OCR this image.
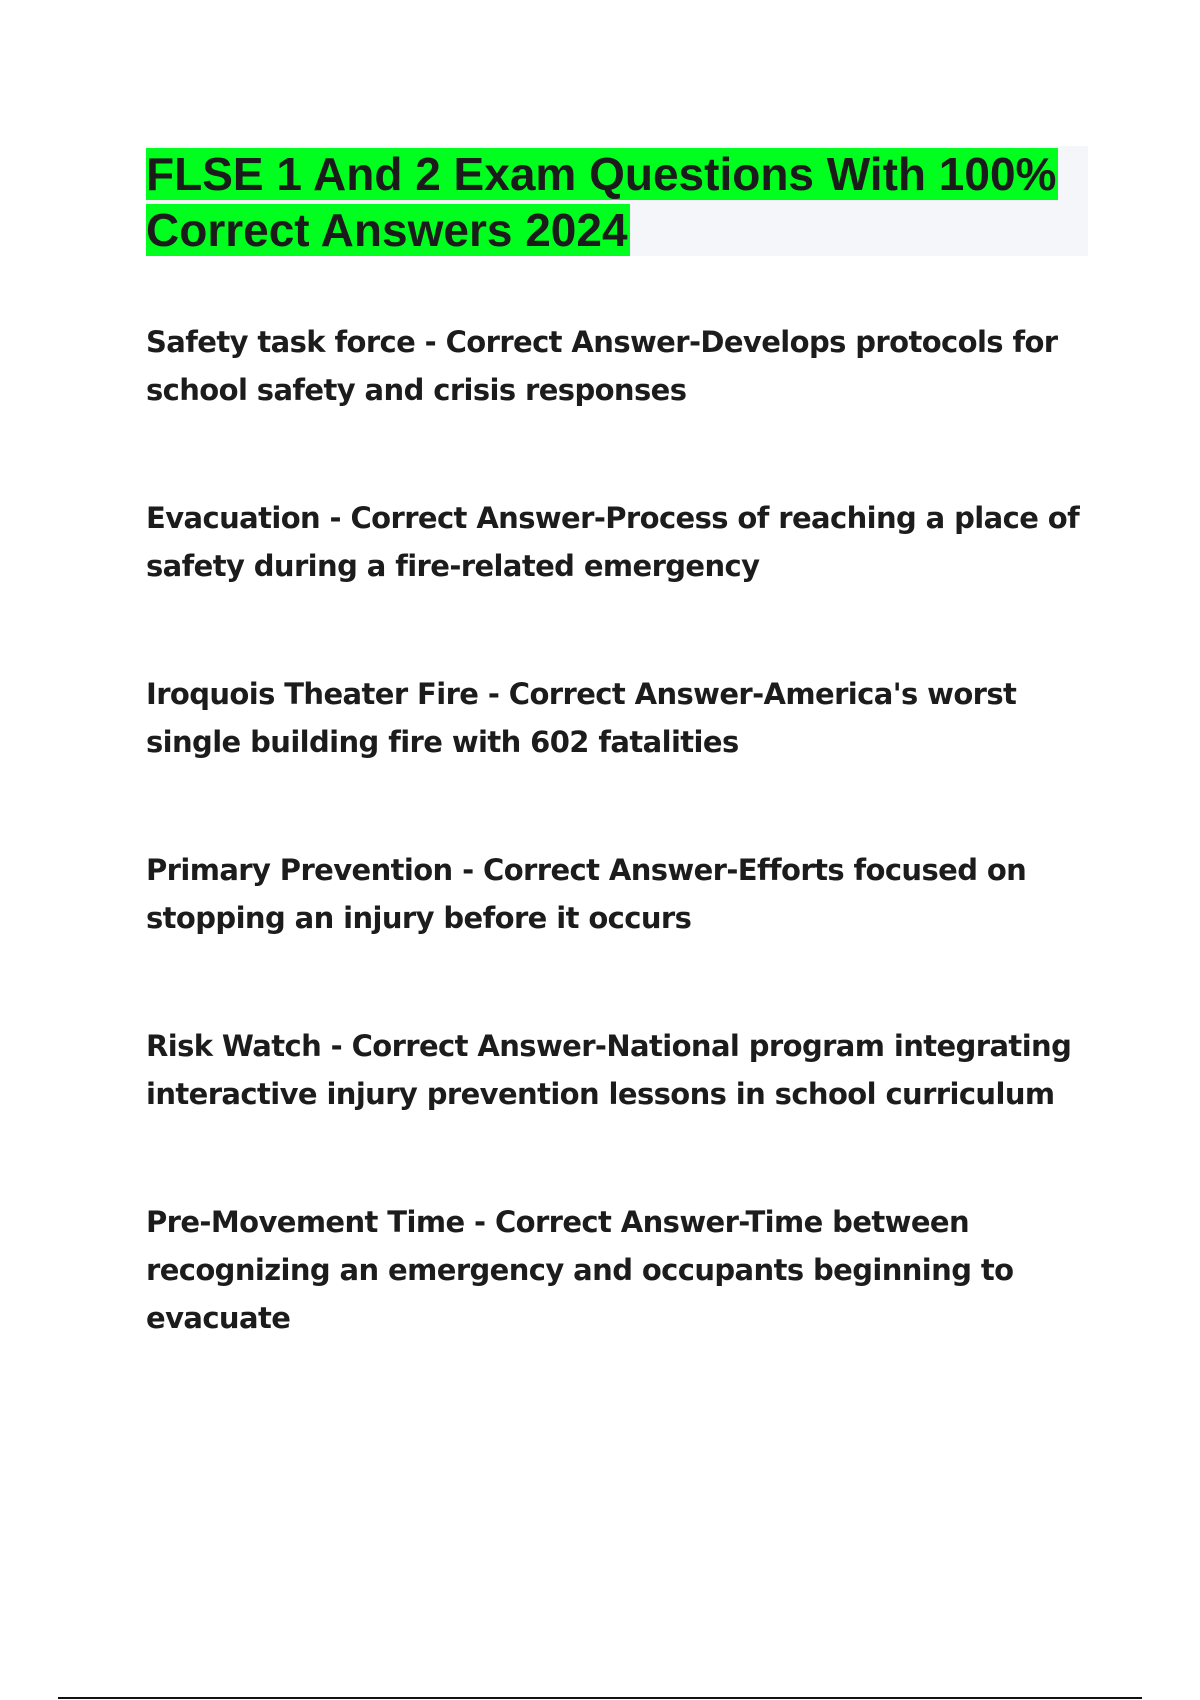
FLSE 1 And 2 Exam Questions With 100% Correct Answers 2024

Safety task force - Correct Answer-Develops protocols for school safety and crisis responses

Evacuation - Correct Answer-Process of reaching a place of safety during a fire-related emergency

Iroquois Theater Fire - Correct Answer-America's worst single building fire with 602 fatalities

Primary Prevention - Correct Answer-Efforts focused on stopping an injury before it occurs

Risk Watch - Correct Answer-National program integrating interactive injury prevention lessons in school curriculum

Pre-Movement Time - Correct Answer-Time between recognizing an emergency and occupants beginning to evacuate
